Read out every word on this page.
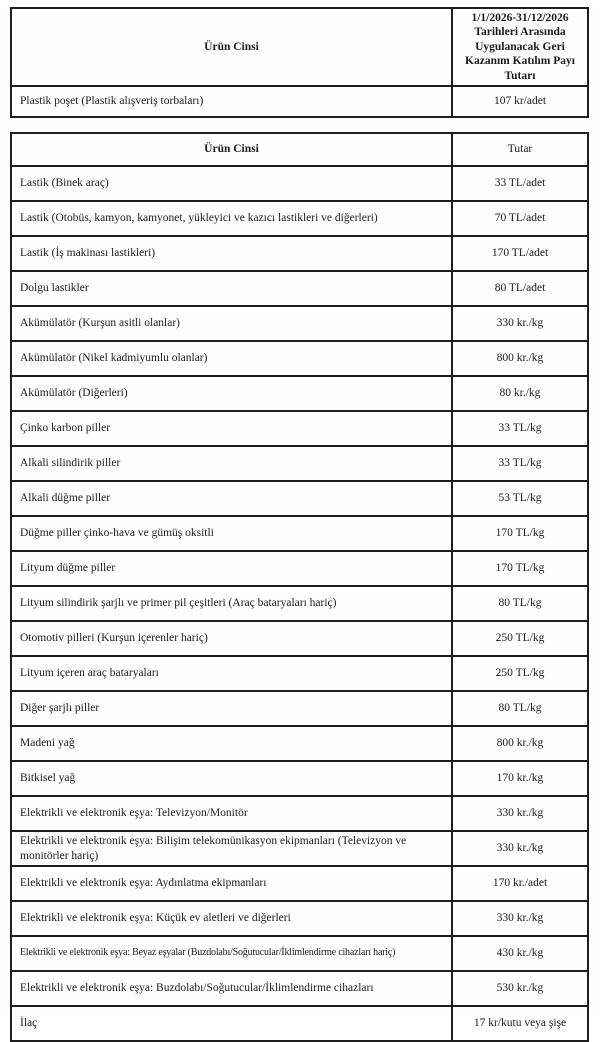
Ürün Cinsi	1/1/2026-31/12/2026 Tarihleri Arasında Uygulanacak Geri Kazanım Katılım Payı Tutarı
Plastik poşet (Plastik alışveriş torbaları)	107 kr/adet
Ürün Cinsi	Tutar
Lastik (Binek araç)	33 TL/adet
Lastik (Otobüs, kamyon, kamyonet, yükleyici ve kazıcı lastikleri ve diğerleri)	70 TL/adet
Lastik (İş makinası lastikleri)	170 TL/adet
Dolgu lastikler	80 TL/adet
Akümülatör (Kurşun asitli olanlar)	330 kr./kg
Akümülatör (Nikel kadmiyumlu olanlar)	800 kr./kg
Akümülatör (Diğerleri)	80 kr./kg
Çinko karbon piller	33 TL/kg
Alkali silindirik piller	33 TL/kg
Alkali düğme piller	53 TL/kg
Düğme piller çinko-hava ve gümüş oksitli	170 TL/kg
Lityum düğme piller	170 TL/kg
Lityum silindirik şarjlı ve primer pil çeşitleri (Araç bataryaları hariç)	80 TL/kg
Otomotiv pilleri (Kurşun içerenler hariç)	250 TL/kg
Lityum içeren araç bataryaları	250 TL/kg
Diğer şarjlı piller	80 TL/kg
Madeni yağ	800 kr./kg
Bitkisel yağ	170 kr./kg
Elektrikli ve elektronik eşya: Televizyon/Monitör	330 kr./kg
Elektrikli ve elektronik eşya: Bilişim telekomünikasyon ekipmanları (Televizyon ve monitörler hariç)	330 kr./kg
Elektrikli ve elektronik eşya: Aydınlatma ekipmanları	170 kr./adet
Elektrikli ve elektronik eşya: Küçük ev aletleri ve diğerleri	330 kr./kg
Elektrikli ve elektronik eşya: Beyaz eşyalar (Buzdolabı/Soğutucular/İklimlendirme cihazları hariç)	430 kr./kg
Elektrikli ve elektronik eşya: Buzdolabı/Soğutucular/İklimlendirme cihazları	530 kr./kg
İlaç	17 kr/kutu veya şişe
